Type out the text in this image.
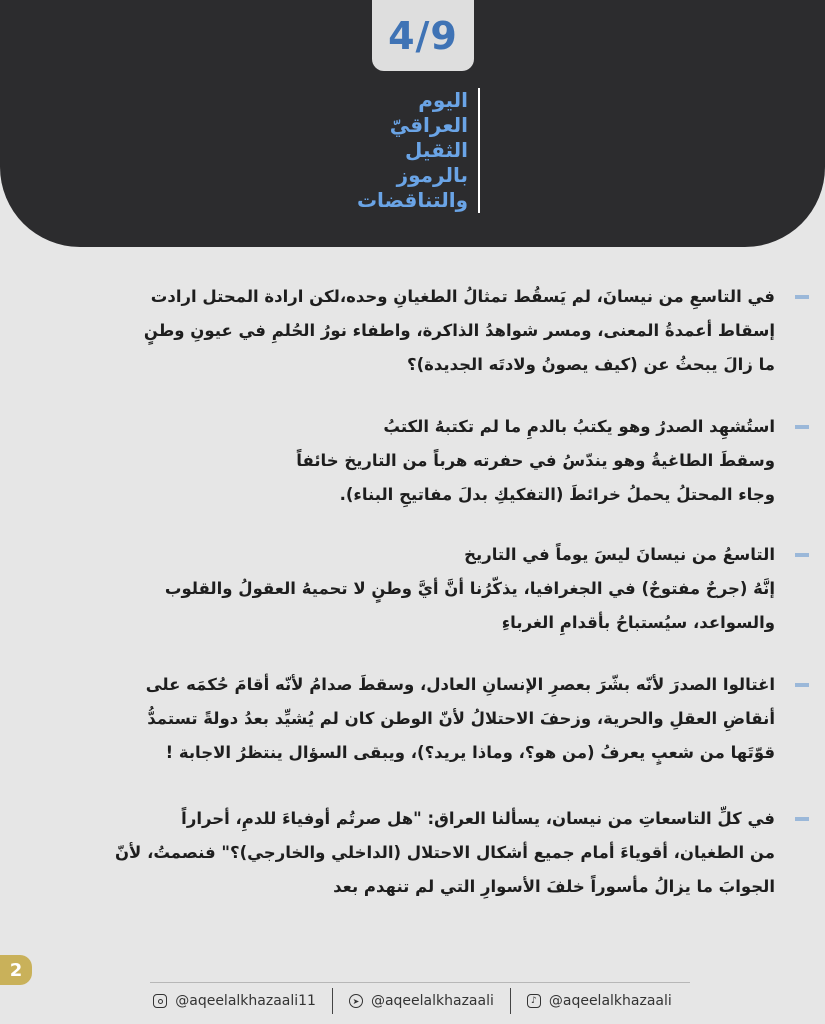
4/9
اليوم
العراقيّ
الثقيل
بالرموز
والتناقضات
في التاسعِ من نيسانَ، لم يَسقُط تمثالُ الطغيانِ وحده،لكن ارادة المحتل ارادت
إسقاط أعمدةُ المعنى، ومسر شواهدُ الذاكرة، واطفاء نورُ الحُلمِ في عيونِ وطنٍ
ما زالَ يبحثُ عن (كيف يصونُ ولادتَه الجديدة)؟
استُشهِد الصدرُ وهو يكتبُ بالدمِ ما لم تكتبهُ الكتبُ
وسقطَ الطاغيةُ وهو يندّسُ في حفرته هرباً من التاريخ خائفاً
وجاء المحتلُ يحملُ خرائطَ (التفكيكِ بدلَ مفاتيحِ البناء).
التاسعُ من نيسانَ ليسَ يوماً في التاريخ
إنَّهُ (جرحٌ مفتوحٌ) في الجغرافيا، يذكّرُنا أنَّ أيَّ وطنٍ لا تحميهُ العقولُ والقلوب
والسواعد، سيُستباحُ بأقدامِ الغرباءِ
اغتالوا الصدرَ لأنّه بشّرَ بعصرِ الإنسانِ العادل، وسقطَ صدامُ لأنّه أقامَ حُكمَه على
أنقاضِ العقلِ والحرية، وزحفَ الاحتلالُ لأنّ الوطن كان لم يُشيِّد بعدُ دولةً تستمدُّ
قوّتَها من شعبٍ يعرفُ (من هو؟، وماذا يريد؟)، ويبقى السؤال ينتظرُ الاجابة !
في كلِّ التاسعاتِ من نيسان، يسألنا العراق: "هل صرتُم أوفياءَ للدمِ، أحراراً
من الطغيان، أقوياءَ أمام جميع أشكال الاحتلال (الداخلي والخارجي)؟" فنصمتُ، لأنّ
الجوابَ ما يزالُ مأسوراً خلفَ الأسوارِ التي لم تنهدم بعد
2
@aqeelalkhazaali11	➤ @aqeelalkhazaali	♪ @aqeelalkhazaali
